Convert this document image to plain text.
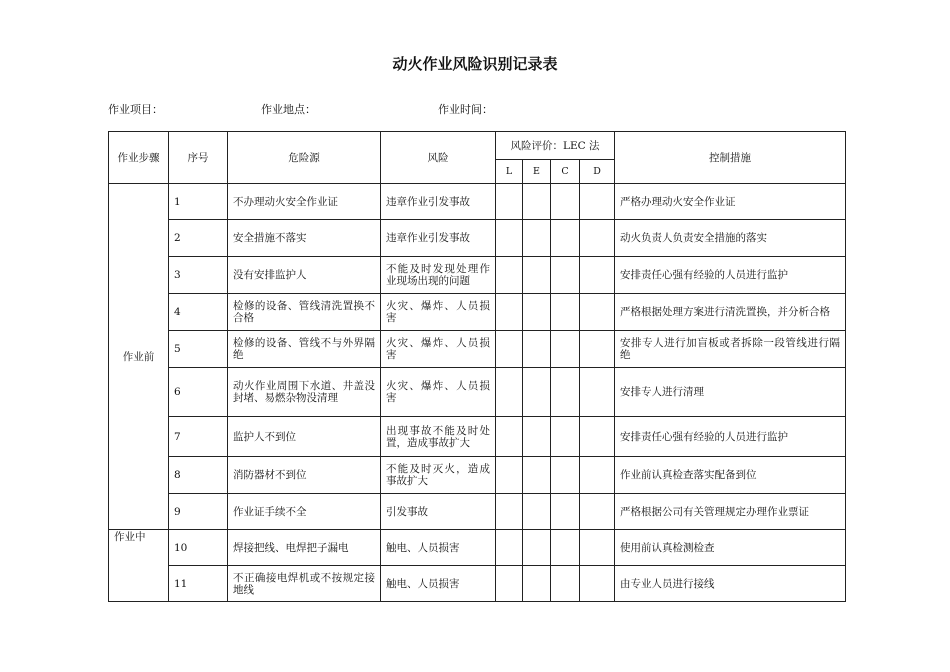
动火作业风险识别记录表
作业项目：	作业地点：	作业时间：
作业步骤	序号	危险源	风险	风险评价：LEC 法				控制措施
				L	E	C	D	
作业前	1	不办理动火安全作业证	违章作业引发事故					严格办理动火安全作业证
	2	安全措施不落实	违章作业引发事故					动火负责人负责安全措施的落实
	3	没有安排监护人	不能及时发现处理作业现场出现的问题					安排责任心强有经验的人员进行监护
	4	检修的设备、管线清洗置换不合格	火灾、爆炸、人员损害					严格根据处理方案进行清洗置换，并分析合格
	5	检修的设备、管线不与外界隔绝	火灾、爆炸、人员损害					安排专人进行加盲板或者拆除一段管线进行隔绝
	6	动火作业周围下水道、井盖没封堵、易燃杂物没清理	火灾、爆炸、人员损害					安排专人进行清理
	7	监护人不到位	出现事故不能及时处置，造成事故扩大					安排责任心强有经验的人员进行监护
	8	消防器材不到位	不能及时灭火，造成事故扩大					作业前认真检查落实配备到位
	9	作业证手续不全	引发事故					严格根据公司有关管理规定办理作业票证
作业中	10	焊接把线、电焊把子漏电	触电、人员损害					使用前认真检测检查
	11	不正确接电焊机或不按规定接地线	触电、人员损害					由专业人员进行接线
